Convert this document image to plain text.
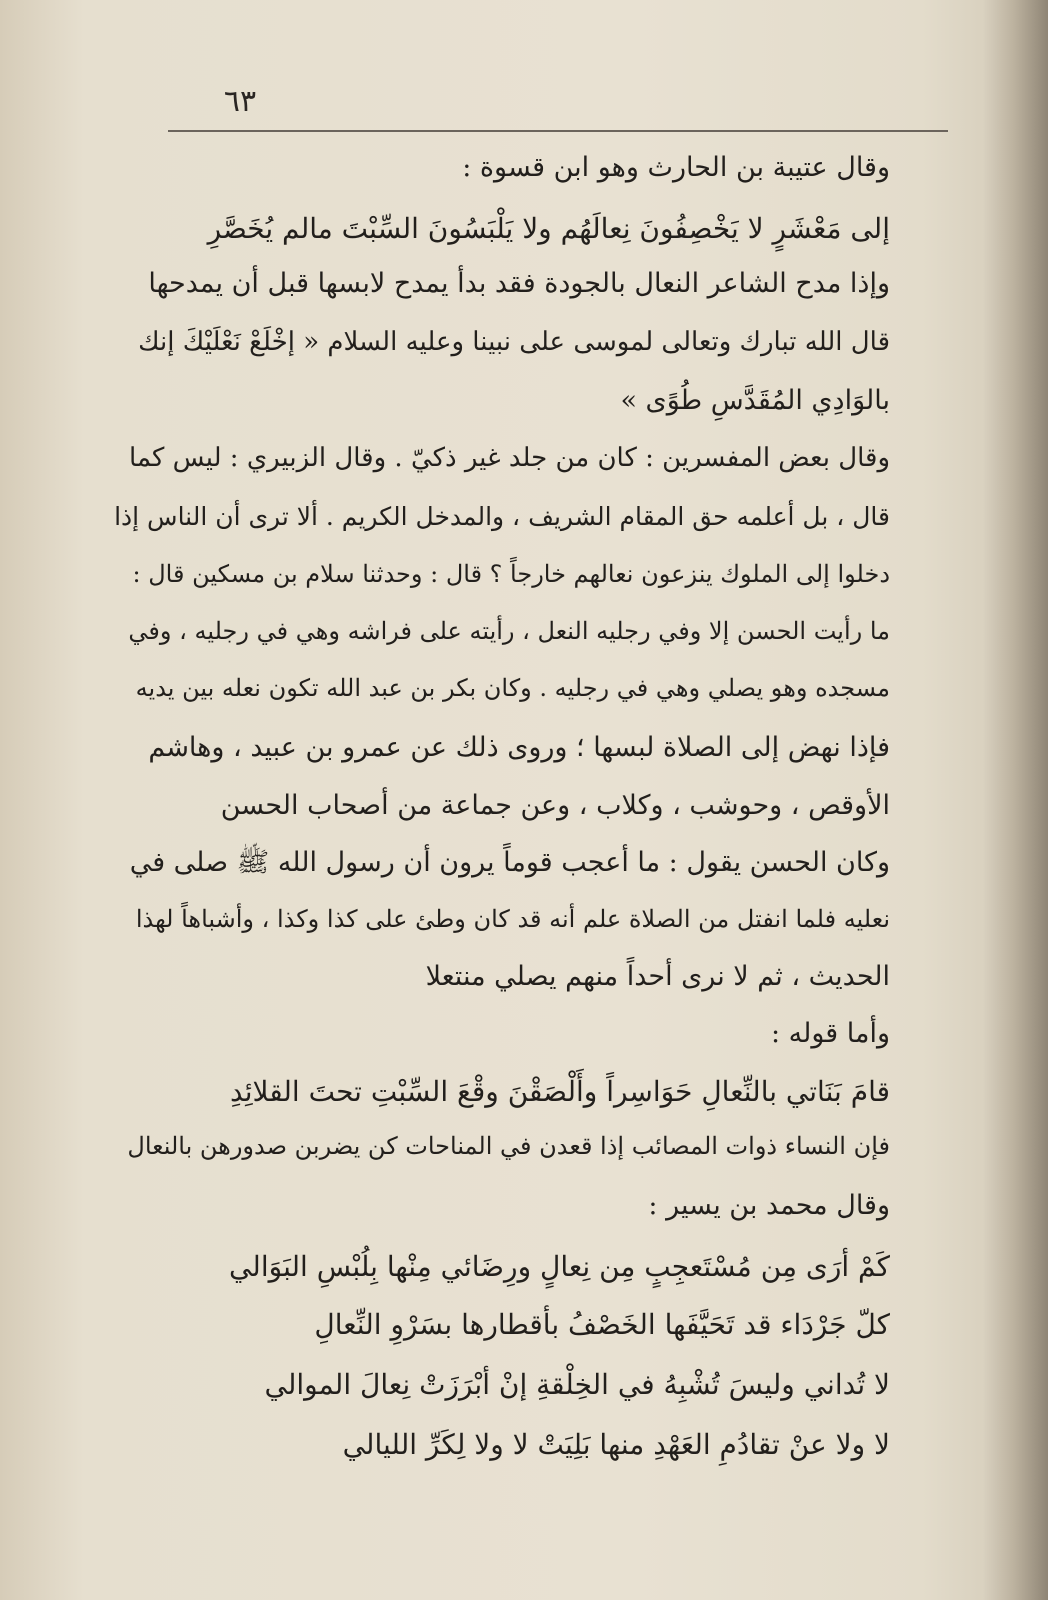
٦٣
وقال عتيبة بن الحارث وهو ابن قسوة :
إلى مَعْشَرٍ لا يَخْصِفُونَ نِعالَهُم ولا يَلْبَسُونَ السِّبْتَ مالم يُخَصَّرِ
وإذا مدح الشاعر النعال بالجودة فقد بدأ يمدح لابسها قبل أن يمدحها
قال الله تبارك وتعالى لموسى على نبينا وعليه السلام « إخْلَعْ نَعْلَيْكَ إنك
بالوَادِي المُقَدَّسِ طُوًى »
وقال بعض المفسرين : كان من جلد غير ذكيّ . وقال الزبيري : ليس كما
قال ، بل أعلمه حق المقام الشريف ، والمدخل الكريم . ألا ترى أن الناس إذا
دخلوا إلى الملوك ينزعون نعالهم خارجاً ؟ قال : وحدثنا سلام بن مسكين قال :
ما رأيت الحسن إلا وفي رجليه النعل ، رأيته على فراشه وهي في رجليه ، وفي
مسجده وهو يصلي وهي في رجليه . وكان بكر بن عبد الله تكون نعله بين يديه
فإذا نهض إلى الصلاة لبسها ؛ وروى ذلك عن عمرو بن عبيد ، وهاشم
الأوقص ، وحوشب ، وكلاب ، وعن جماعة من أصحاب الحسن
وكان الحسن يقول : ما أعجب قوماً يرون أن رسول الله ﷺ صلى في
نعليه فلما انفتل من الصلاة علم أنه قد كان وطئ على كذا وكذا ، وأشباهاً لهذا
الحديث ، ثم لا نرى أحداً منهم يصلي منتعلا
وأما قوله :
قامَ بَنَاتي بالنِّعالِ حَوَاسِراً وأَلْصَقْنَ وقْعَ السِّبْتِ تحتَ القلائِدِ
فإن النساء ذوات المصائب إذا قعدن في المناحات كن يضربن صدورهن بالنعال
وقال محمد بن يسير :
كَمْ أرَى مِن مُسْتَعجِبٍ مِن نِعالٍ ورِضَائي مِنْها بِلُبْسِ البَوَالي
كلّ جَرْدَاء قد تَحَيَّفَها الخَصْفُ بأقطارها بسَرْوِ النِّعالِ
لا تُداني وليسَ تُشْبِهُ في الخِلْقةِ إنْ أبْرَزَتْ نِعالَ الموالي
لا ولا عنْ تقادُمِ العَهْدِ منها بَلِيَتْ لا ولا لِكَرِّ الليالي
